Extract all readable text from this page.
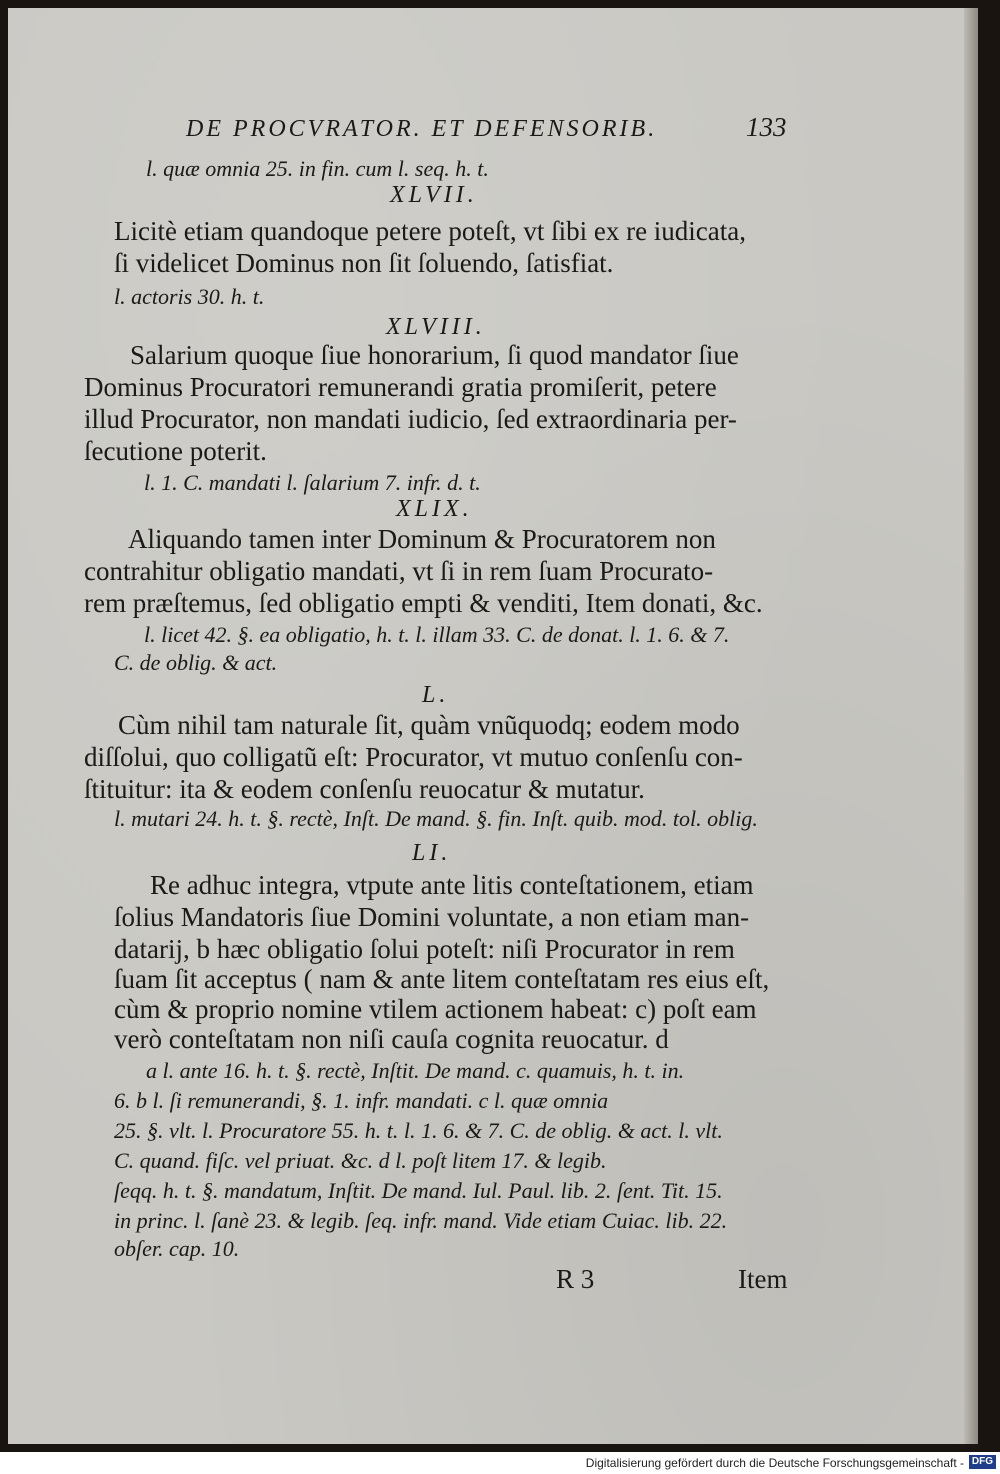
DE PROCVRATOR. ET DEFENSORIB.	133
l. quæ omnia 25. in fin. cum l. seq. h. t.
XLVII.
Licitè etiam quandoque petere poteſt, vt ſibi ex re iudicata,
ſi videlicet Dominus non ſit ſoluendo, ſatisfiat.
l. actoris 30. h. t.
XLVIII.
Salarium quoque ſiue honorarium, ſi quod mandator ſiue
Dominus Procuratori remunerandi gratia promiſerit, petere
illud Procurator, non mandati iudicio, ſed extraordinaria per-
ſecutione poterit.
l. 1. C. mandati l. ſalarium 7. infr. d. t.
XLIX.
Aliquando tamen inter Dominum & Procuratorem non
contrahitur obligatio mandati, vt ſi in rem ſuam Procurato-
rem præſtemus, ſed obligatio empti & venditi, Item donati, &c.
l. licet 42. §. ea obligatio, h. t. l. illam 33. C. de donat. l. 1. 6. & 7.
C. de oblig. & act.
L.
Cùm nihil tam naturale ſit, quàm vnũquodq; eodem modo
diſſolui, quo colligatũ eſt: Procurator, vt mutuo conſenſu con-
ſtituitur: ita & eodem conſenſu reuocatur & mutatur.
l. mutari 24. h. t. §. rectè, Inſt. De mand. §. fin. Inſt. quib. mod. tol. oblig.
LI.
Re adhuc integra, vtpute ante litis conteſtationem, etiam
ſolius Mandatoris ſiue Domini voluntate, a non etiam man-
datarij, b hæc obligatio ſolui poteſt: niſi Procurator in rem
ſuam ſit acceptus ( nam & ante litem conteſtatam res eius eſt,
cùm & proprio nomine vtilem actionem habeat: c) poſt eam
verò conteſtatam non niſi cauſa cognita reuocatur. d
a l. ante 16. h. t. §. rectè, Inſtit. De mand. c. quamuis, h. t. in.
6. b l. ſi remunerandi, §. 1. infr. mandati. c l. quæ omnia
25. §. vlt. l. Procuratore 55. h. t. l. 1. 6. & 7. C. de oblig. & act. l. vlt.
C. quand. fiſc. vel priuat. &c. d l. poſt litem 17. & legib.
ſeqq. h. t. §. mandatum, Inſtit. De mand. Iul. Paul. lib. 2. ſent. Tit. 15.
in princ. l. ſanè 23. & legib. ſeq. infr. mand. Vide etiam Cuiac. lib. 22.
obſer. cap. 10.
R 3	Item
Digitalisierung gefördert durch die Deutsche Forschungsgemeinschaft - DFG
